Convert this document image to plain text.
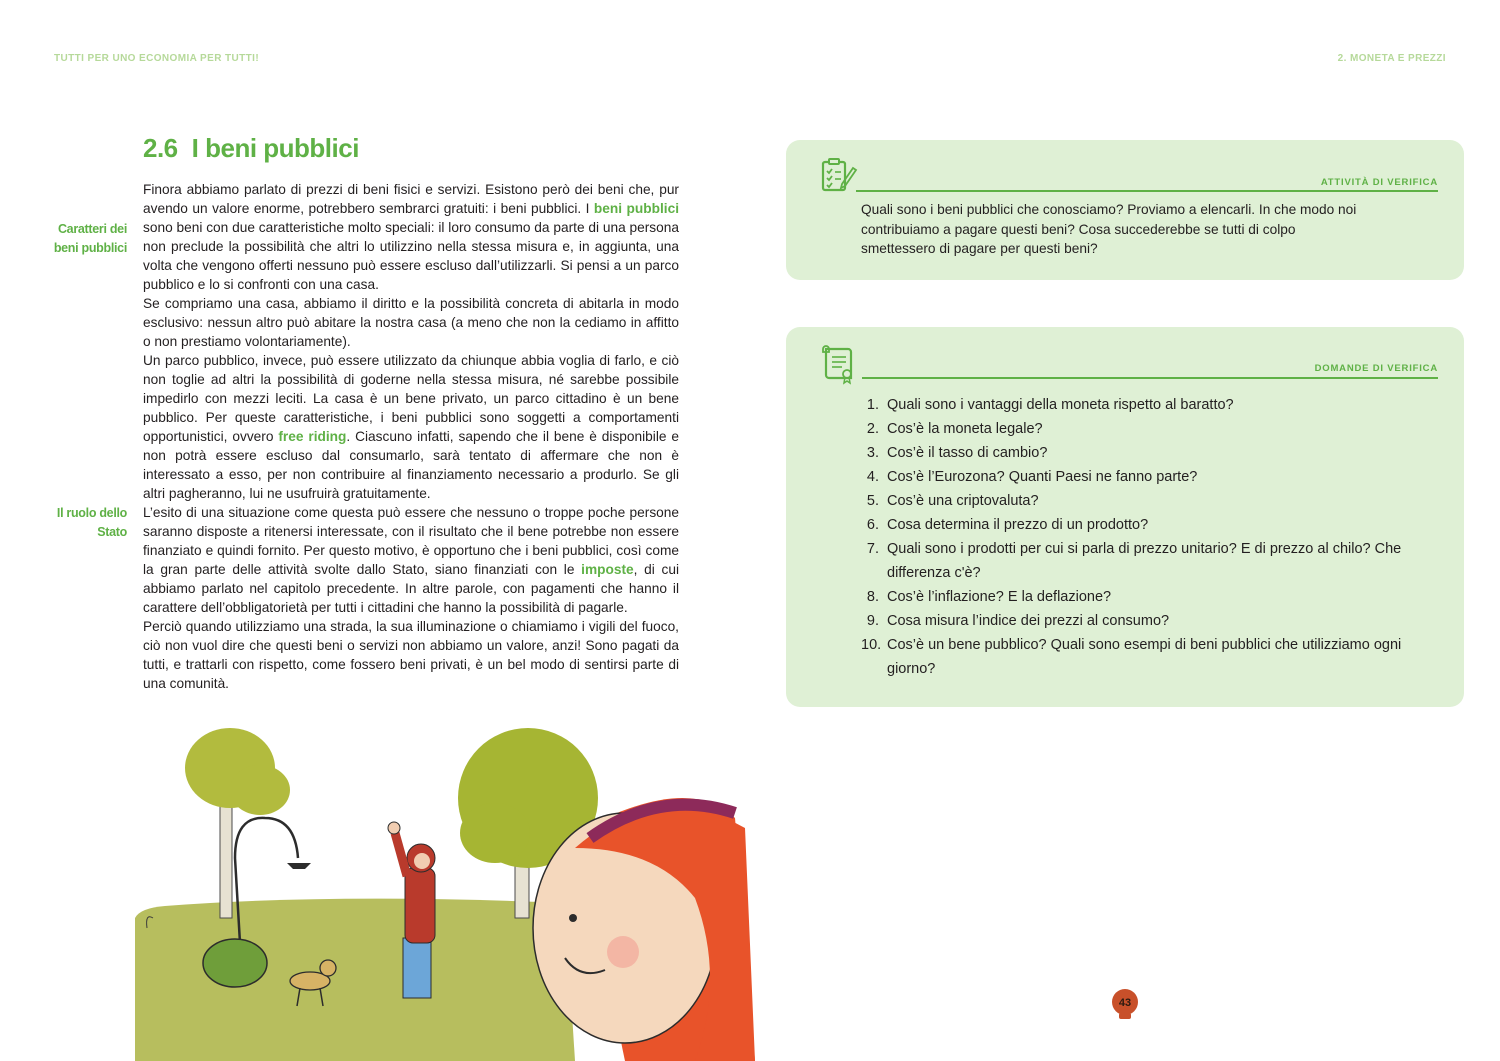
TUTTI PER UNO ECONOMIA PER TUTTI!	2. MONETA E PREZZI
2.6 I beni pubblici
Caratteri dei
beni pubblici
Il ruolo dello
Stato

Finora abbiamo parlato di prezzi di beni fisici e servizi. Esistono però dei beni che, pur avendo un valore enorme, potrebbero sembrarci gratuiti: i beni pubblici. I beni pubblici sono beni con due caratteristiche molto speciali: il loro consumo da parte di una persona non preclude la possibilità che altri lo utilizzino nella stessa misura e, in aggiunta, una volta che vengono offerti nessuno può essere escluso dall’utilizzarli. Si pensi a un parco pubblico e lo si confronti con una casa.

Se compriamo una casa, abbiamo il diritto e la possibilità concreta di abitarla in modo esclusivo: nessun altro può abitare la nostra casa (a meno che non la cediamo in affitto o non prestiamo volontariamente).

Un parco pubblico, invece, può essere utilizzato da chiunque abbia voglia di farlo, e ciò non toglie ad altri la possibilità di goderne nella stessa misura, né sarebbe possibile impedirlo con mezzi leciti. La casa è un bene privato, un parco cittadino è un bene pubblico. Per queste caratteristiche, i beni pubblici sono soggetti a comportamenti opportunistici, ovvero free riding. Ciascuno infatti, sapendo che il bene è disponibile e non potrà essere escluso dal consumarlo, sarà tentato di affermare che non è interessato a esso, per non contribuire al finanziamento necessario a produrlo. Se gli altri pagheranno, lui ne usufruirà gratuitamente.

L’esito di una situazione come questa può essere che nessuno o troppe poche persone saranno disposte a ritenersi interessate, con il risultato che il bene potrebbe non essere finanziato e quindi fornito. Per questo motivo, è opportuno che i beni pubblici, così come la gran parte delle attività svolte dallo Stato, siano finanziati con le imposte, di cui abbiamo parlato nel capitolo precedente. In altre parole, con pagamenti che hanno il carattere dell’obbligatorietà per tutti i cittadini che hanno la possibilità di pagarle.

Perciò quando utilizziamo una strada, la sua illuminazione o chiamiamo i vigili del fuoco, ciò non vuol dire che questi beni o servizi non abbiamo un valore, anzi! Sono pagati da tutti, e trattarli con rispetto, come fossero beni privati, è un bel modo di sentirsi parte di una comunità.

ATTIVITÀ DI VERIFICA
Quali sono i beni pubblici che conosciamo? Proviamo a elencarli. In che modo noi contribuiamo a pagare questi beni? Cosa succederebbe se tutti di colpo smettessero di pagare per questi beni?
DOMANDE DI VERIFICA
1. Quali sono i vantaggi della moneta rispetto al baratto?
2. Cos’è la moneta legale?
3. Cos’è il tasso di cambio?
4. Cos’è l’Eurozona? Quanti Paesi ne fanno parte?
5. Cos’è una criptovaluta?
6. Cosa determina il prezzo di un prodotto?
7. Quali sono i prodotti per cui si parla di prezzo unitario? E di prezzo al chilo? Che differenza c'è?
8. Cos’è l’inflazione? E la deflazione?
9. Cosa misura l’indice dei prezzi al consumo?
10. Cos’è un bene pubblico? Quali sono esempi di beni pubblici che utilizziamo ogni giorno?
43
